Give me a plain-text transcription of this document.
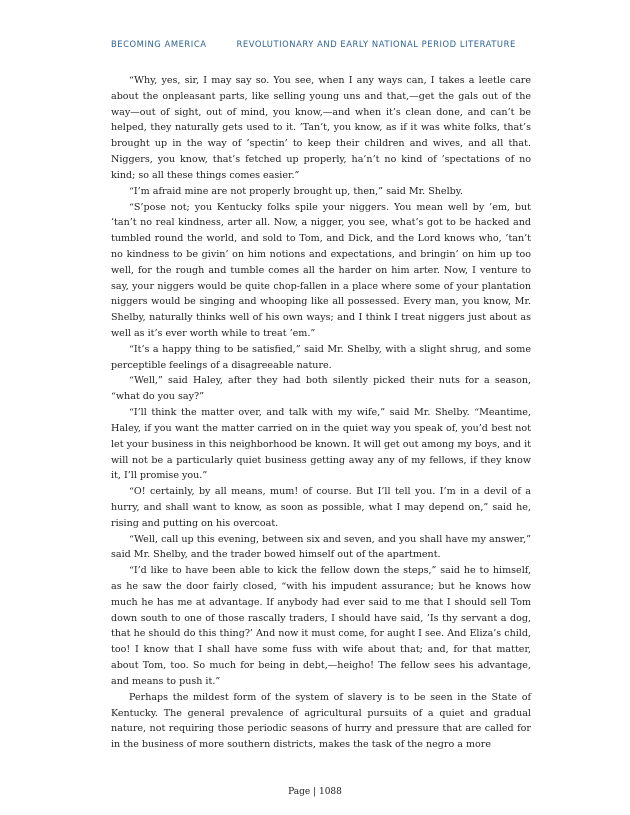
BECOMING AMERICA	REVOLUTIONARY AND EARLY NATIONAL PERIOD LITERATURE

“Why, yes, sir, I may say so. You see, when I any ways can, I takes a leetle care about the onpleasant parts, like selling young uns and that,—get the gals out of the way—out of sight, out of mind, you know,—and when it’s clean done, and can’t be helped, they naturally gets used to it. ’Tan’t, you know, as if it was white folks, that’s brought up in the way of ’spectin’ to keep their children and wives, and all that. Niggers, you know, that’s fetched up properly, ha’n’t no kind of ’spectations of no kind; so all these things comes easier.”

“I’m afraid mine are not properly brought up, then,” said Mr. Shelby.

“S’pose not; you Kentucky folks spile your niggers. You mean well by ’em, but ’tan’t no real kindness, arter all. Now, a nigger, you see, what’s got to be hacked and tumbled round the world, and sold to Tom, and Dick, and the Lord knows who, ’tan’t no kindness to be givin’ on him notions and expectations, and bringin’ on him up too well, for the rough and tumble comes all the harder on him arter. Now, I venture to say, your niggers would be quite chop-fallen in a place where some of your plantation niggers would be singing and whooping like all possessed. Every man, you know, Mr. Shelby, naturally thinks well of his own ways; and I think I treat niggers just about as well as it’s ever worth while to treat ’em.”

“It’s a happy thing to be satisfied,” said Mr. Shelby, with a slight shrug, and some perceptible feelings of a disagreeable nature.

“Well,” said Haley, after they had both silently picked their nuts for a season, “what do you say?”

“I’ll think the matter over, and talk with my wife,” said Mr. Shelby. “Meantime, Haley, if you want the matter carried on in the quiet way you speak of, you’d best not let your business in this neighborhood be known. It will get out among my boys, and it will not be a particularly quiet business getting away any of my fellows, if they know it, I’ll promise you.”

“O! certainly, by all means, mum! of course. But I’ll tell you. I’m in a devil of a hurry, and shall want to know, as soon as possible, what I may depend on,” said he, rising and putting on his overcoat.

“Well, call up this evening, between six and seven, and you shall have my answer,” said Mr. Shelby, and the trader bowed himself out of the apartment.

“I’d like to have been able to kick the fellow down the steps,” said he to himself, as he saw the door fairly closed, “with his impudent assurance; but he knows how much he has me at advantage. If anybody had ever said to me that I should sell Tom down south to one of those rascally traders, I should have said, ’Is thy servant a dog, that he should do this thing?’ And now it must come, for aught I see. And Eliza’s child, too! I know that I shall have some fuss with wife about that; and, for that matter, about Tom, too. So much for being in debt,—heigho! The fellow sees his advantage, and means to push it.”

Perhaps the mildest form of the system of slavery is to be seen in the State of Kentucky. The general prevalence of agricultural pursuits of a quiet and gradual nature, not requiring those periodic seasons of hurry and pressure that are called for in the business of more southern districts, makes the task of the negro a more

Page | 1088
